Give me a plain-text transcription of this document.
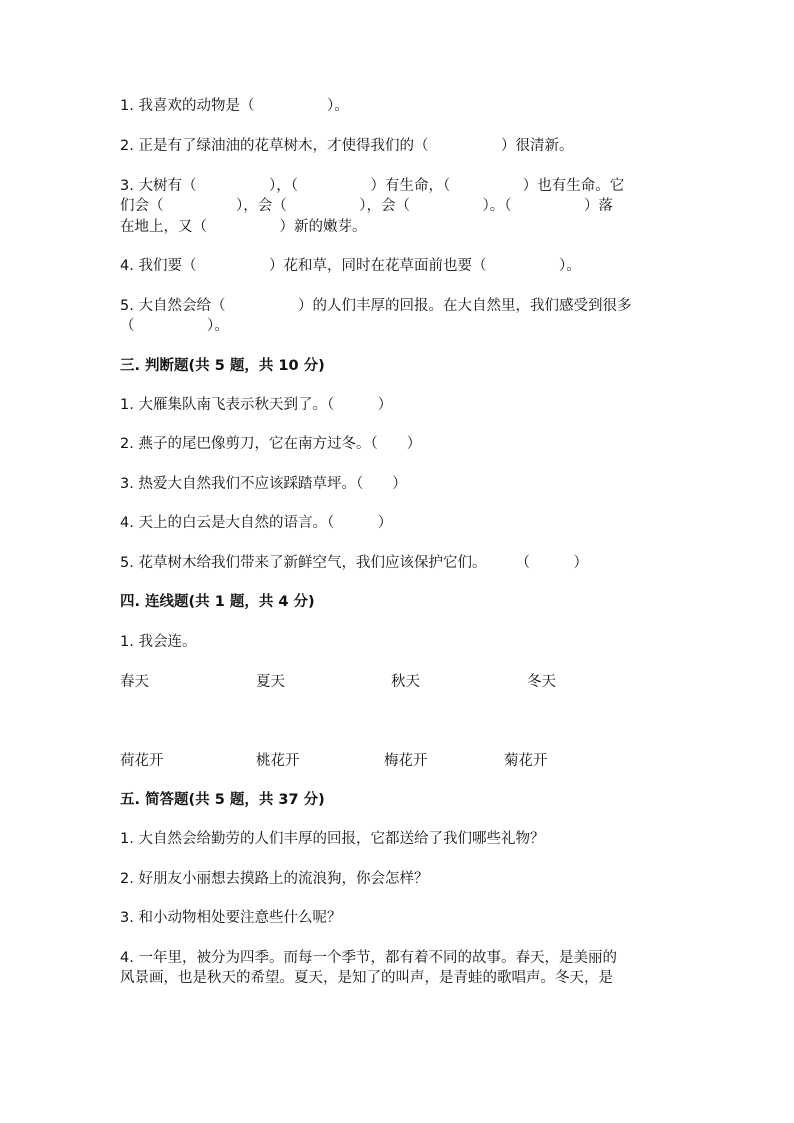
1. 我喜欢的动物是（　　　　　）。
2. 正是有了绿油油的花草树木，才使得我们的（　　　　　）很清新。
3. 大树有（　　　　　），（　　　　　）有生命，（　　　　　）也有生命。它
们会（　　　　　），会（　　　　　），会（　　　　　）。（　　　　　）落
在地上，又（　　　　　）新的嫩芽。
4. 我们要（　　　　　）花和草，同时在花草面前也要（　　　　　）。
5. 大自然会给（　　　　　）的人们丰厚的回报。在大自然里，我们感受到很多
（　　　　　）。
三. 判断题(共 5 题，共 10 分)
1. 大雁集队南飞表示秋天到了。（　　　）
2. 燕子的尾巴像剪刀，它在南方过冬。（　　）
3. 热爱大自然我们不应该踩踏草坪。（　　）
4. 天上的白云是大自然的语言。（　　　）
5. 花草树木给我们带来了新鲜空气，我们应该保护它们。　　　（　　　）
四. 连线题(共 1 题，共 4 分)
1. 我会连。
春天	夏天	秋天	冬天
荷花开	桃花开	梅花开	菊花开
五. 简答题(共 5 题，共 37 分)
1. 大自然会给勤劳的人们丰厚的回报，它都送给了我们哪些礼物？
2. 好朋友小丽想去摸路上的流浪狗，你会怎样？
3. 和小动物相处要注意些什么呢？
4. 一年里，被分为四季。而每一个季节，都有着不同的故事。春天，是美丽的
风景画，也是秋天的希望。夏天，是知了的叫声，是青蛙的歌唱声。冬天，是
